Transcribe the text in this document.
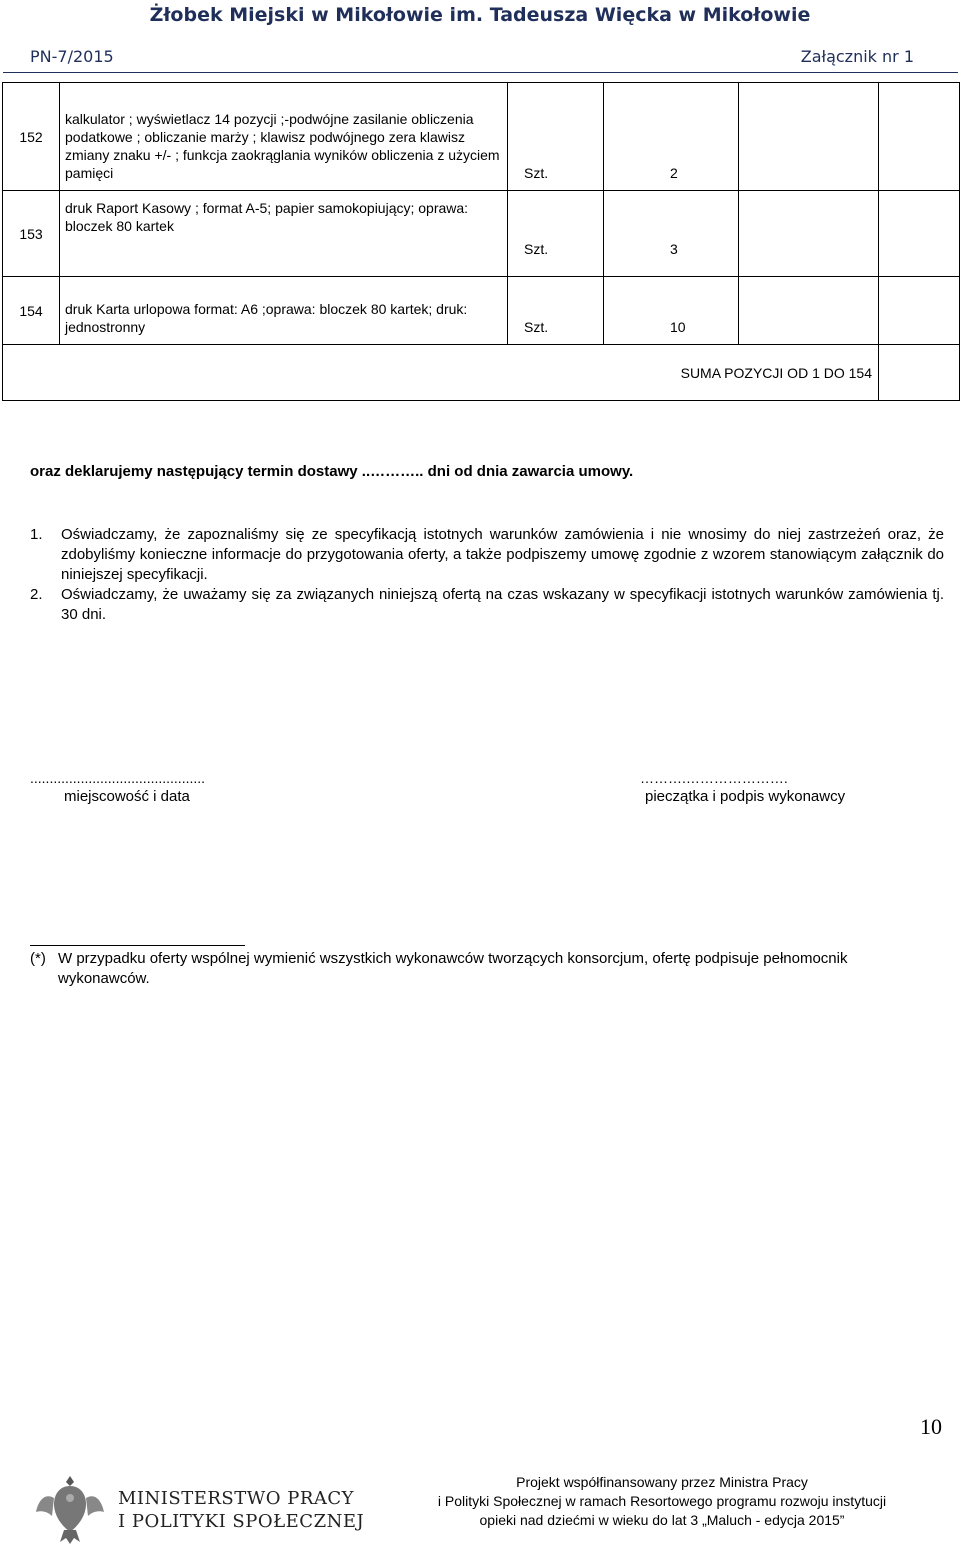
Żłobek Miejski w Mikołowie im. Tadeusza Więcka w Mikołowie
PN-7/2015	Załącznik nr 1
152	kalkulator ; wyświetlacz 14 pozycji ;-podwójne zasilanie obliczenia podatkowe ; obliczanie marży ; klawisz podwójnego zera klawisz zmiany znaku +/- ; funkcja zaokrąglania wyników obliczenia z użyciem pamięci	Szt.	2		
153	druk Raport Kasowy ; format A-5; papier samokopiujący; oprawa: bloczek 80 kartek	Szt.	3		
154	druk Karta urlopowa format: A6 ;oprawa: bloczek 80 kartek; druk: jednostronny	Szt.	10		
SUMA POZYCJI OD 1 DO 154					
oraz deklarujemy następujący termin dostawy ..……….. dni od dnia zawarcia umowy.
1. Oświadczamy, że zapoznaliśmy się ze specyfikacją istotnych warunków zamówienia i nie wnosimy do niej zastrzeżeń oraz, że zdobyliśmy konieczne informacje do przygotowania oferty, a także podpiszemy umowę zgodnie z wzorem stanowiącym załącznik do niniejszej specyfikacji.
2. Oświadczamy, że uważamy się za związanych niniejszą ofertą na czas wskazany w specyfikacji istotnych warunków zamówienia tj. 30 dni.
.............................................
miejscowość i data
……….………………….
pieczątka i podpis wykonawcy
(*) W przypadku oferty wspólnej wymienić wszystkich wykonawców tworzących konsorcjum, ofertę podpisuje pełnomocnik wykonawców.
10
MINISTERSTWO PRACY
I POLITYKI SPOŁECZNEJ
Projekt współfinansowany przez Ministra Pracy
i Polityki Społecznej w ramach Resortowego programu rozwoju instytucji
opieki nad dziećmi w wieku do lat 3 „Maluch - edycja 2015”
